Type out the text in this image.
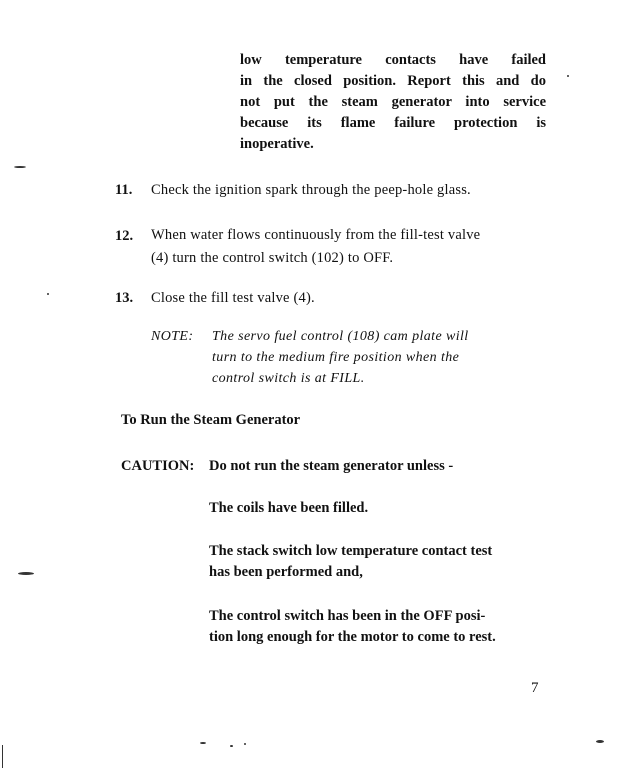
low temperature contacts have failed
in the closed position. Report this and do
not put the steam generator into service
because its flame failure protection is
inoperative.
11. Check the ignition spark through the peep-hole glass.
12. When water flows continuously from the fill-test valve
(4) turn the control switch (102) to OFF.
13. Close the fill test valve (4).
NOTE: The servo fuel control (108) cam plate will
turn to the medium fire position when the
control switch is at FILL.
To Run the Steam Generator
CAUTION: Do not run the steam generator unless -
The coils have been filled.
The stack switch low temperature contact test
has been performed and,
The control switch has been in the OFF posi-
tion long enough for the motor to come to rest.
7
